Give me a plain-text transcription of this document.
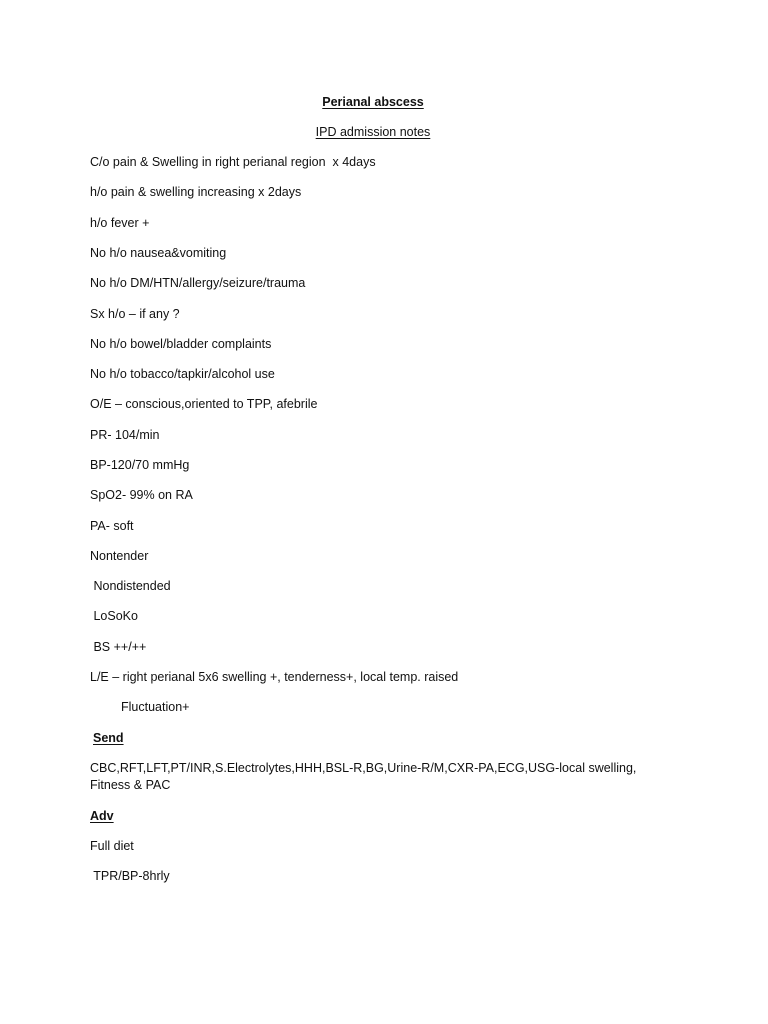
Perianal abscess
IPD admission notes
C/o pain & Swelling in right perianal region  x 4days
h/o pain & swelling increasing x 2days
h/o fever +
No h/o nausea&vomiting
No h/o DM/HTN/allergy/seizure/trauma
Sx h/o – if any ?
No h/o bowel/bladder complaints
No h/o tobacco/tapkir/alcohol use
O/E – conscious,oriented to TPP, afebrile
PR- 104/min
BP-120/70 mmHg
SpO2- 99% on RA
PA- soft
Nontender
Nondistended
LoSoKo
BS ++/++
L/E – right perianal 5x6 swelling +, tenderness+, local temp. raised
Fluctuation+
Send
CBC,RFT,LFT,PT/INR,S.Electrolytes,HHH,BSL-R,BG,Urine-R/M,CXR-PA,ECG,USG-local swelling, Fitness & PAC
Adv
Full diet
TPR/BP-8hrly
